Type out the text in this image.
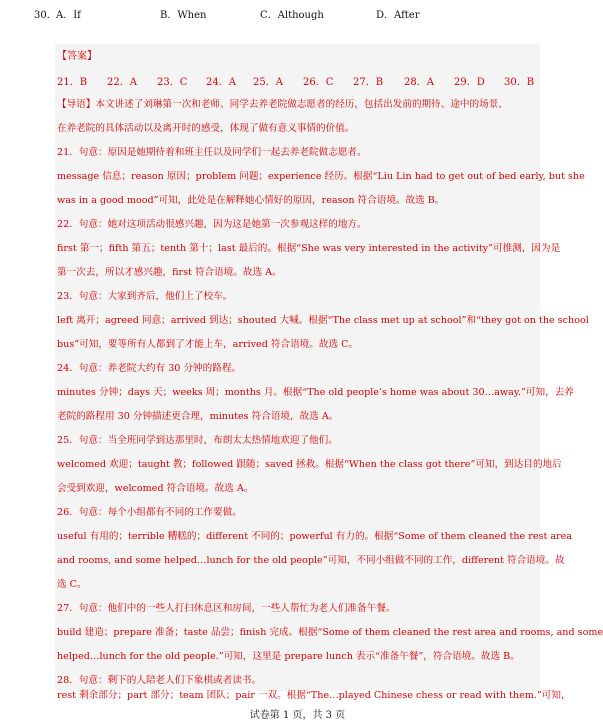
30． A．If	B．When	C．Although	D．After
【答案】
21．B 22．A 23．C 24．A 25．A 26．C 27．B 28．A 29．D 30．B
【导语】本文讲述了刘琳第一次和老师、同学去养老院做志愿者的经历，包括出发前的期待、途中的场景、
在养老院的具体活动以及离开时的感受，体现了做有意义事情的价值。
21．句意：原因是她期待着和班主任以及同学们一起去养老院做志愿者。
message 信息；reason 原因；problem 问题；experience 经历。根据“Liu Lin had to get out of bed early, but she
was in a good mood”可知，此处是在解释她心情好的原因，reason 符合语境。故选 B。
22．句意：她对这项活动很感兴趣，因为这是她第一次参观这样的地方。
first 第一；fifth 第五；tenth 第十；last 最后的。根据“She was very interested in the activity”可推测，因为是
第一次去，所以才感兴趣，first 符合语境。故选 A。
23．句意：大家到齐后，他们上了校车。
left 离开；agreed 同意；arrived 到达；shouted 大喊。根据“The class met up at school”和“they got on the school
bus”可知，要等所有人都到了才能上车，arrived 符合语境。故选 C。
24．句意：养老院大约有 30 分钟的路程。
minutes 分钟；days 天；weeks 周；months 月。根据“The old people’s home was about 30…away.”可知，去养
老院的路程用 30 分钟描述更合理，minutes 符合语境，故选 A。
25．句意：当全班同学到达那里时，布朗太太热情地欢迎了他们。
welcomed 欢迎；taught 教；followed 跟随；saved 拯救。根据“When the class got there”可知，到达目的地后
会受到欢迎，welcomed 符合语境。故选 A。
26．句意：每个小组都有不同的工作要做。
useful 有用的；terrible 糟糕的；different 不同的；powerful 有力的。根据“Some of them cleaned the rest area
and rooms, and some helped…lunch for the old people”可知，不同小组做不同的工作，different 符合语境。故
选 C。
27．句意：他们中的一些人打扫休息区和房间，一些人帮忙为老人们准备午餐。
build 建造；prepare 准备；taste 品尝；finish 完成。根据“Some of them cleaned the rest area and rooms, and some
helped…lunch for the old people.”可知，这里是 prepare lunch 表示“准备午餐”，符合语境。故选 B。
28．句意：剩下的人陪老人们下象棋或者读书。
rest 剩余部分；part 部分；team 团队；pair 一双。根据“The…played Chinese chess or read with them.”可知，
试卷第 1 页，共 3 页
